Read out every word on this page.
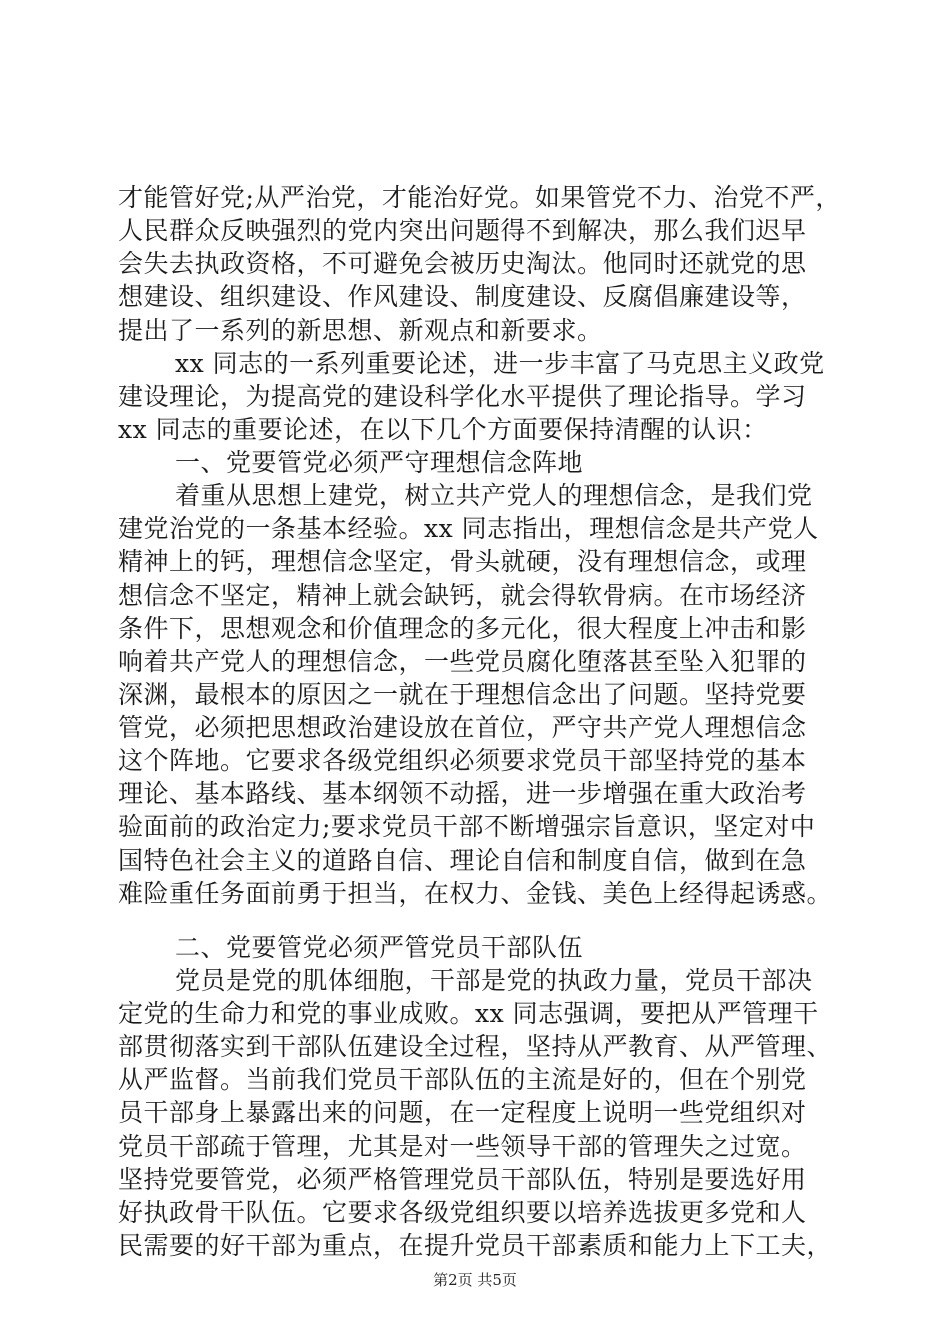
才能管好党;从严治党，才能治好党。如果管党不力、治党不严，
人民群众反映强烈的党内突出问题得不到解决，那么我们迟早
会失去执政资格，不可避免会被历史淘汰。他同时还就党的思
想建设、组织建设、作风建设、制度建设、反腐倡廉建设等，
提出了一系列的新思想、新观点和新要求。
xx 同志的一系列重要论述，进一步丰富了马克思主义政党
建设理论，为提高党的建设科学化水平提供了理论指导。学习
xx 同志的重要论述，在以下几个方面要保持清醒的认识：
一、党要管党必须严守理想信念阵地
着重从思想上建党，树立共产党人的理想信念，是我们党
建党治党的一条基本经验。xx 同志指出，理想信念是共产党人
精神上的钙，理想信念坚定，骨头就硬，没有理想信念，或理
想信念不坚定，精神上就会缺钙，就会得软骨病。在市场经济
条件下，思想观念和价值理念的多元化，很大程度上冲击和影
响着共产党人的理想信念，一些党员腐化堕落甚至坠入犯罪的
深渊，最根本的原因之一就在于理想信念出了问题。坚持党要
管党，必须把思想政治建设放在首位，严守共产党人理想信念
这个阵地。它要求各级党组织必须要求党员干部坚持党的基本
理论、基本路线、基本纲领不动摇，进一步增强在重大政治考
验面前的政治定力;要求党员干部不断增强宗旨意识，坚定对中
国特色社会主义的道路自信、理论自信和制度自信，做到在急
难险重任务面前勇于担当，在权力、金钱、美色上经得起诱惑。
二、党要管党必须严管党员干部队伍
党员是党的肌体细胞，干部是党的执政力量，党员干部决
定党的生命力和党的事业成败。xx 同志强调，要把从严管理干
部贯彻落实到干部队伍建设全过程，坚持从严教育、从严管理、
从严监督。当前我们党员干部队伍的主流是好的，但在个别党
员干部身上暴露出来的问题，在一定程度上说明一些党组织对
党员干部疏于管理，尤其是对一些领导干部的管理失之过宽。
坚持党要管党，必须严格管理党员干部队伍，特别是要选好用
好执政骨干队伍。它要求各级党组织要以培养选拔更多党和人
民需要的好干部为重点，在提升党员干部素质和能力上下工夫，
第2页 共5页
